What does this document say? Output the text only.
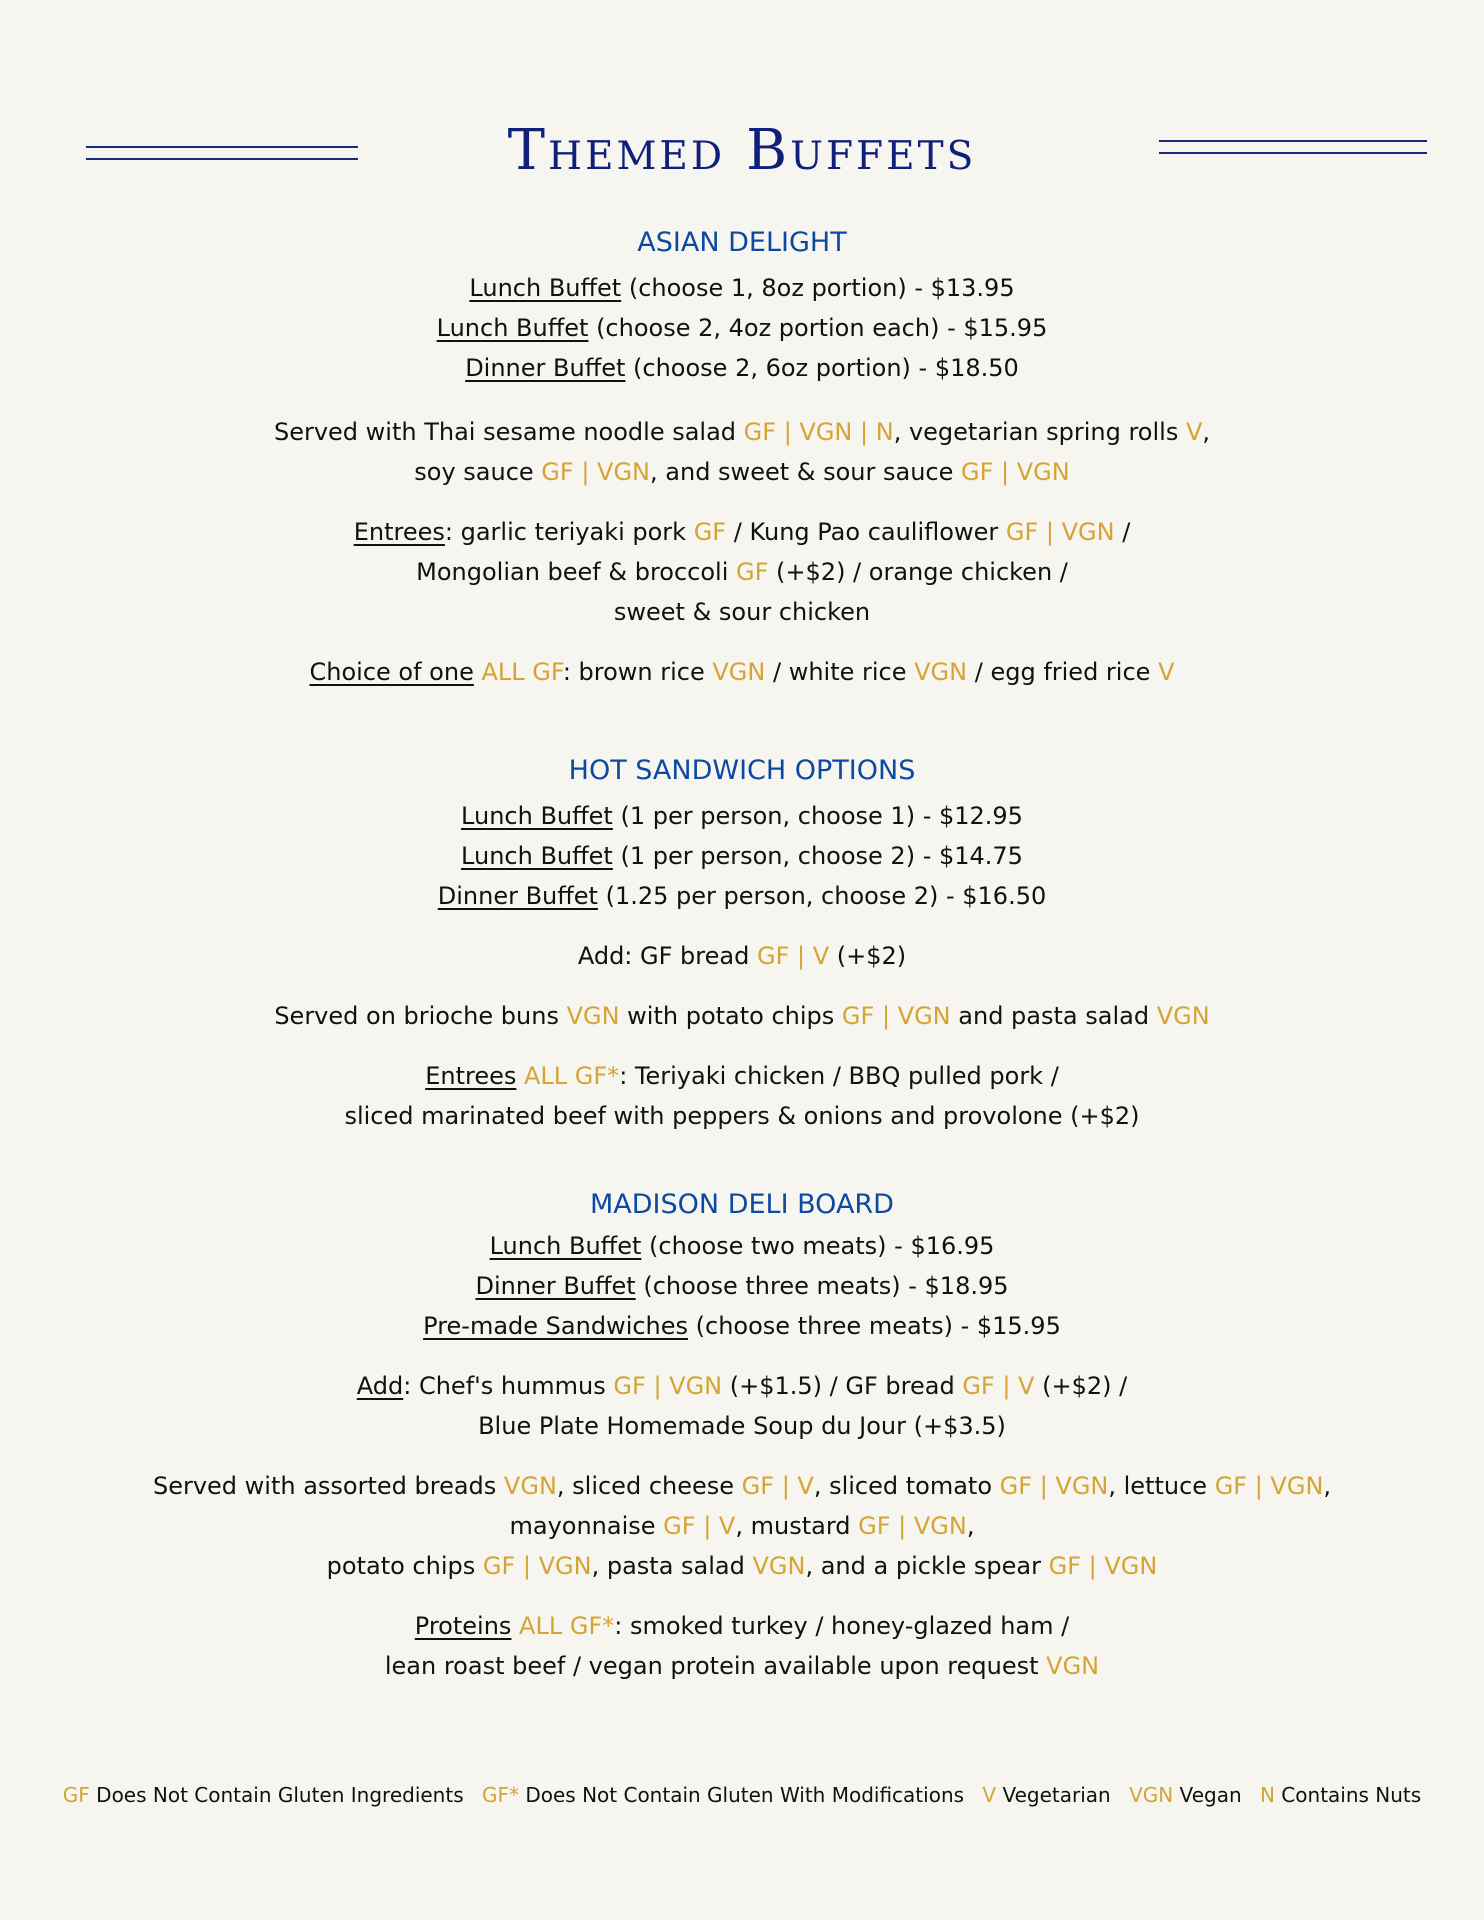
Themed Buffets
ASIAN DELIGHT

Lunch Buffet (choose 1, 8oz portion) - $13.95

Lunch Buffet (choose 2, 4oz portion each) - $15.95

Dinner Buffet (choose 2, 6oz portion) - $18.50

Served with Thai sesame noodle salad GF | VGN | N, vegetarian spring rolls V,

soy sauce GF | VGN, and sweet & sour sauce GF | VGN

Entrees: garlic teriyaki pork GF / Kung Pao cauliflower GF | VGN /

Mongolian beef & broccoli GF (+$2) / orange chicken /

sweet & sour chicken

Choice of one ALL GF: brown rice VGN / white rice VGN / egg fried rice V

HOT SANDWICH OPTIONS

Lunch Buffet (1 per person, choose 1) - $12.95

Lunch Buffet (1 per person, choose 2) - $14.75

Dinner Buffet (1.25 per person, choose 2) - $16.50

Add: GF bread GF | V (+$2)

Served on brioche buns VGN with potato chips GF | VGN and pasta salad VGN

Entrees ALL GF*: Teriyaki chicken / BBQ pulled pork /

sliced marinated beef with peppers & onions and provolone (+$2)

MADISON DELI BOARD

Lunch Buffet (choose two meats) - $16.95

Dinner Buffet (choose three meats) - $18.95

Pre-made Sandwiches (choose three meats) - $15.95

Add: Chef's hummus GF | VGN (+$1.5) / GF bread GF | V (+$2) /

Blue Plate Homemade Soup du Jour (+$3.5)

Served with assorted breads VGN, sliced cheese GF | V, sliced tomato GF | VGN, lettuce GF | VGN,

mayonnaise GF | V, mustard GF | VGN,

potato chips GF | VGN, pasta salad VGN, and a pickle spear GF | VGN

Proteins ALL GF*: smoked turkey / honey-glazed ham /

lean roast beef / vegan protein available upon request VGN

GF Does Not Contain Gluten Ingredients GF* Does Not Contain Gluten With Modifications V Vegetarian VGN Vegan N Contains Nuts
